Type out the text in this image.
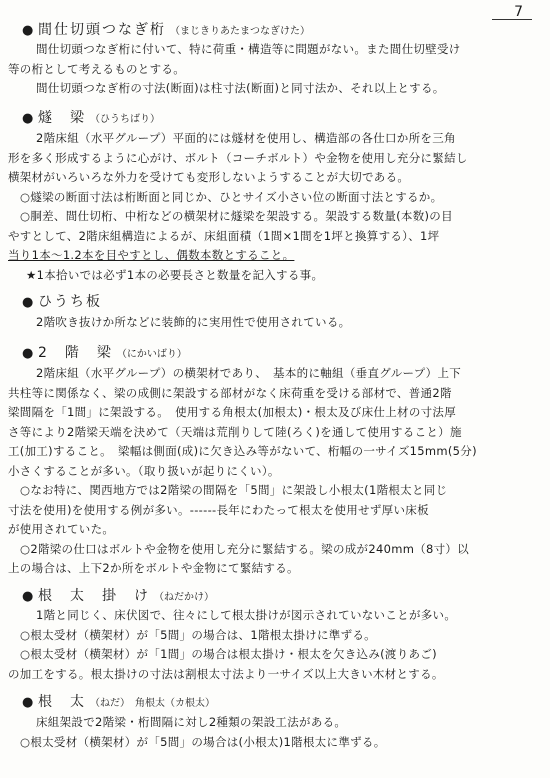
7
● 間仕切頭つなぎ桁 （まじきりあたまつなぎけた）
間仕切頭つなぎ桁に付いて、特に荷重・構造等に問題がない。また間仕切壁受け
等の桁として考えるものとする。
間仕切頭つなぎ桁の寸法(断面)は柱寸法(断面)と同寸法か、それ以上とする。
● 燧　梁 （ひうちばり）
2階床組（水平グループ）平面的には燧材を使用し、構造部の各仕口か所を三角
形を多く形成するように心がけ、ボルト（コーチボルト）や金物を使用し充分に緊結し
横架材がいろいろな外力を受けても変形しないようすることが大切である。
○燧梁の断面寸法は桁断面と同じか、ひとサイズ小さい位の断面寸法とするか。
○胴差、間仕切桁、中桁などの横架材に燧梁を架設する。架設する数量(本数)の目
やすとして、2階床組構造によるが、床組面積（1間×1間を1坪と換算する）、1坪
当り1本〜1.2本を目やすとし、偶数本数とすること。
★1本拾いでは必ず1本の必要長さと数量を記入する事。
● ひうち板
2階吹き抜けか所などに装飾的に実用性で使用されている。
● 2　階　梁 （にかいばり）
2階床組（水平グループ）の横架材であり、　基本的に軸組（垂直グループ）上下
共柱等に関係なく、梁の成側に架設する部材がなく床荷重を受ける部材で、普通2階
梁間隔を「1間」に架設する。　使用する角根太(加根太)・根太及び床仕上材の寸法厚
さ等により2階梁天端を決めて（天端は荒削りして陸(ろく)を通して使用すること）施
工(加工)すること。　梁幅は側面(成)に欠き込み等がないて、桁幅の一サイズ15mm(5分)
小さくすることが多い。（取り扱いが起りにくい）。
○なお特に、関西地方では2階梁の間隔を「5間」に架設し小根太(1階根太と同じ
寸法を使用)を使用する例が多い。------長年にわたって根太を使用せず厚い床板
が使用されていた。
○2階梁の仕口はボルトや金物を使用し充分に緊結する。梁の成が240mm（8寸）以
上の場合は、上下2か所をボルトや金物にて緊結する。
● 根　太　掛　け （ねだかけ）
1階と同じく、床伏図で、往々にして根太掛けが図示されていないことが多い。
○根太受材（横架材）が「5間」の場合は、1階根太掛けに準ずる。
○根太受材（横架材）が「1間」の場合は根太掛け・根太を欠き込み(渡りあご)
の加工をする。根太掛けの寸法は割根太寸法より一サイズ以上大きい木材とする。
● 根　太 （ねだ）　角根太（カ根太）
床組架設で2階梁・桁間隔に対し2種類の架設工法がある。
○根太受材（横架材）が「5間」の場合は(小根太)1階根太に準ずる。
